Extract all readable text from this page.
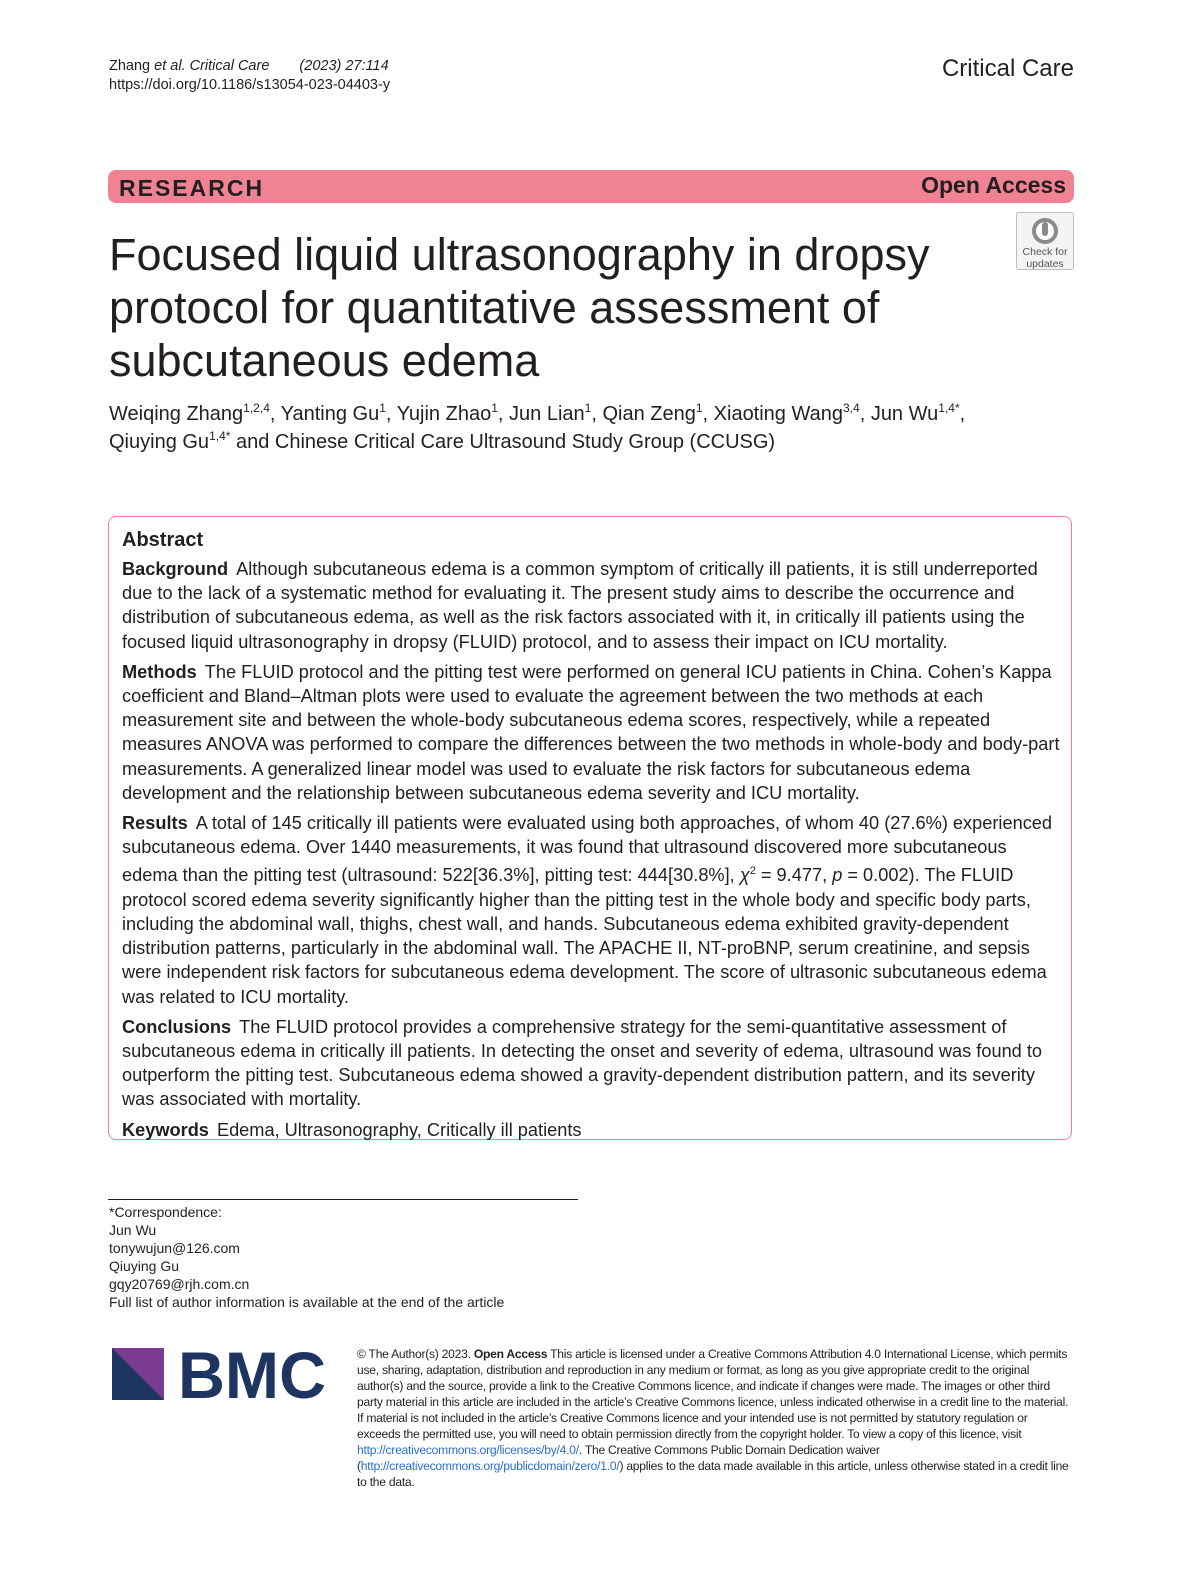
Zhang et al. Critical Care (2023) 27:114
https://doi.org/10.1186/s13054-023-04403-y
Critical Care
RESEARCH	Open Access
Check for
updates
Focused liquid ultrasonography in dropsy protocol for quantitative assessment of subcutaneous edema
Weiqing Zhang$^{1,2,4}$, Yanting Gu$^1$, Yujin Zhao$^1$, Jun Lian$^1$, Qian Zeng$^1$, Xiaoting Wang$^{3,4}$, Jun $Wu^{1,4*}$,
Qiuying $Gu^{1,4*}$ and Chinese Critical Care Ultrasound Study Group (CCUSG)
Abstract

Background Although subcutaneous edema is a common symptom of critically ill patients, it is still underreported due to the lack of a systematic method for evaluating it. The present study aims to describe the occurrence and distribution of subcutaneous edema, as well as the risk factors associated with it, in critically ill patients using the focused liquid ultrasonography in dropsy (FLUID) protocol, and to assess their impact on ICU mortality.

Methods The FLUID protocol and the pitting test were performed on general ICU patients in China. Cohen’s Kappa coefficient and Bland–Altman plots were used to evaluate the agreement between the two methods at each measurement site and between the whole-body subcutaneous edema scores, respectively, while a repeated measures ANOVA was performed to compare the differences between the two methods in whole-body and body-part measurements. A generalized linear model was used to evaluate the risk factors for subcutaneous edema development and the relationship between subcutaneous edema severity and ICU mortality.

Results A total of 145 critically ill patients were evaluated using both approaches, of whom 40 (27.6%) experienced subcutaneous edema. Over 1440 measurements, it was found that ultrasound discovered more subcutaneous edema than the pitting test (ultrasound: 522[36.3%], pitting test: 444[30.8%], $\chi^2 = 9.477$, p = 0.002). The FLUID protocol scored edema severity significantly higher than the pitting test in the whole body and specific body parts, including the abdominal wall, thighs, chest wall, and hands. Subcutaneous edema exhibited gravity-dependent distribution patterns, particularly in the abdominal wall. The APACHE II, NT-proBNP, serum creatinine, and sepsis were independent risk factors for subcutaneous edema development. The score of ultrasonic subcutaneous edema was related to ICU mortality.

Conclusions The FLUID protocol provides a comprehensive strategy for the semi-quantitative assessment of subcutaneous edema in critically ill patients. In detecting the onset and severity of edema, ultrasound was found to outperform the pitting test. Subcutaneous edema showed a gravity-dependent distribution pattern, and its severity was associated with mortality.

Keywords Edema, Ultrasonography, Critically ill patients

*Correspondence:
Jun Wu
tonywujun@126.com
Qiuying Gu
gqy20769@rjh.com.cn
Full list of author information is available at the end of the article
BMC	© The Author(s) 2023. Open Access This article is licensed under a Creative Commons Attribution 4.0 International License, which permits use, sharing, adaptation, distribution and reproduction in any medium or format, as long as you give appropriate credit to the original author(s) and the source, provide a link to the Creative Commons licence, and indicate if changes were made. The images or other third party material in this article are included in the article’s Creative Commons licence, unless indicated otherwise in a credit line to the material. If material is not included in the article’s Creative Commons licence and your intended use is not permitted by statutory regulation or exceeds the permitted use, you will need to obtain permission directly from the copyright holder. To view a copy of this licence, visit http://creativecommons.org/licenses/by/4.0/. The Creative Commons Public Domain Dedication waiver (http://creativecommons.org/publicdomain/zero/1.0/) applies to the data made available in this article, unless otherwise stated in a credit line to the data.
